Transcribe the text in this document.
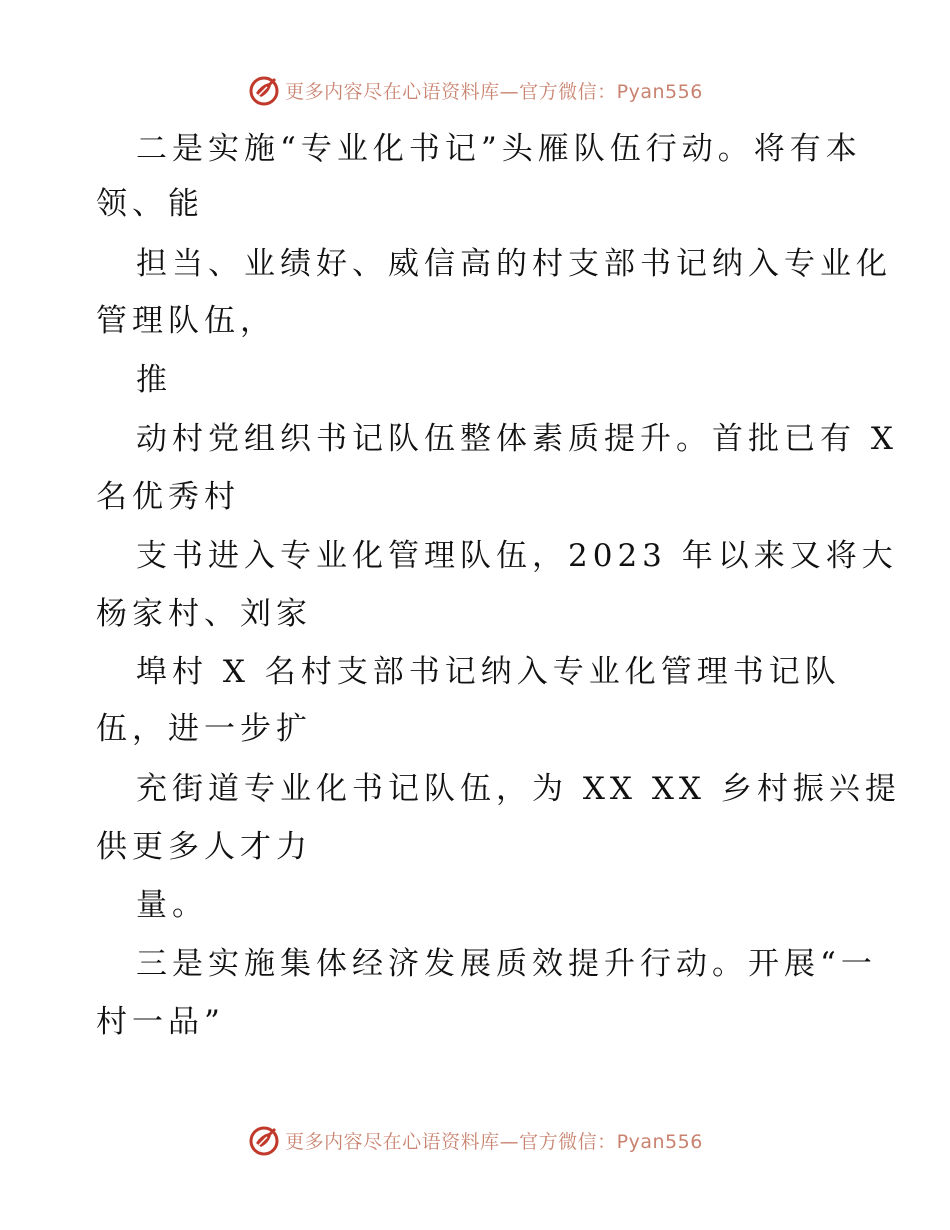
更多内容尽在心语资料库—官方微信：Pyan556
二是实施“专业化书记”头雁队伍行动。将有本
领、能
担当、业绩好、威信高的村支部书记纳入专业化
管理队伍，
推
动村党组织书记队伍整体素质提升。首批已有 X
名优秀村
支书进入专业化管理队伍，2023 年以来又将大
杨家村、刘家
埠村 X 名村支部书记纳入专业化管理书记队
伍，进一步扩
充街道专业化书记队伍，为 XX XX 乡村振兴提
供更多人才力
量。
三是实施集体经济发展质效提升行动。开展“一
村一品”
更多内容尽在心语资料库—官方微信：Pyan556
